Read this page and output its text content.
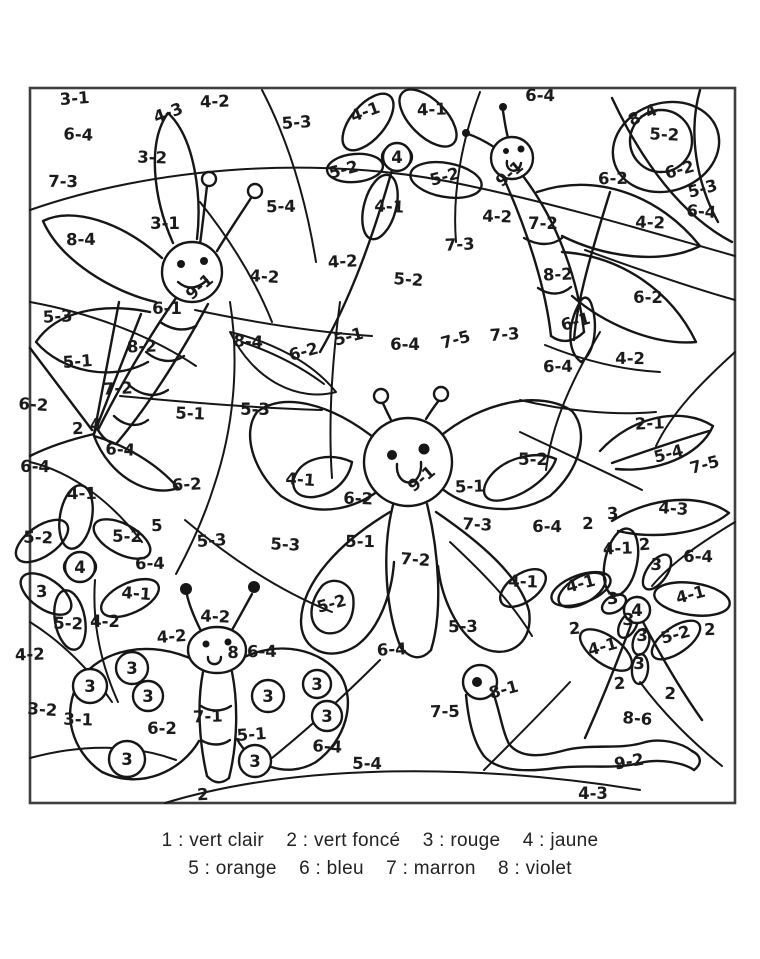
4
4
4
3
3
3
3
3
3
3
3
3-1
6-4
7-3
8-4
5-3
4-3
3-2
3-1
4-2
5-3 4-1
5-2
5-4
4-2
4-2
9-1
6-1
4-1
5-2
4-1
6-4
9-1
7-3
5-2
4-2 7-2
8-2
8-4
5-2
6-2
6-2	5-3
6-4
4-2
6-2
8-2
5-1
8-4 6-2
5-1
7-2
6-2	5-1 5-3
2 4
6-4
6-4
4-1	6-2	4-1
6-2
6-4 7-5 7-3 6-1
4-2
6-4
2-1
5-4 7-5
5-2
5-1
9-1
7-3 6-4 2
3 4-3
5-2	5-2
5
5-3	5-3	5-1
6-4
3	4-1
5-2 4-2
4-2
4-2
4-2
8 6-4
5-2
7-2
4-1 4-1
4-1 2
3 6-4
4-1
3
3
3 5-2 2
2
4-1
3
5-3
6-4
3-2 3-1	6-2
7-1
5-1
6-4
5-4
7-5
8-1
8-6
9-2
4-3
2
2
2
1 : vert clair    2 : vert foncé    3 : rouge    4 : jaune
5 : orange    6 : bleu    7 : marron    8 : violet
